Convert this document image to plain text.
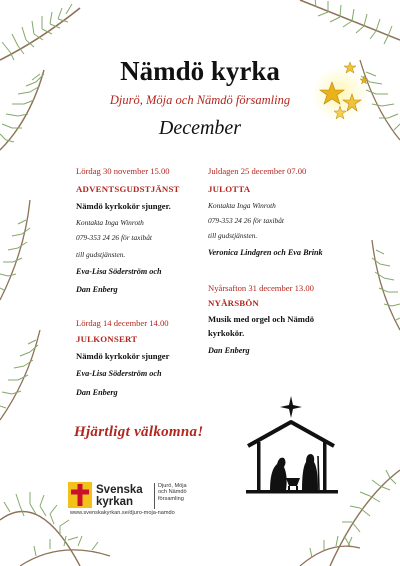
Nämdö kyrka
Djurö, Möja och Nämdö församling
December
Lördag 30 november 15.00
ADVENTSGUDSTJÄNST
Nämdö kyrkokör sjunger.
Kontakta Inga Winroth
079-353 24 26 för taxibåt
till gudstjänsten.
Eva-Lisa Söderström och
Dan Enberg
Lördag 14 december 14.00
JULKONSERT
Nämdö kyrkokör sjunger
Eva-Lisa Söderström och
Dan Enberg
Juldagen 25 december 07.00
JULOTTA
Kontakta Inga Winroth
079-353 24 26 för taxibåt
till gudstjänsten.
Veronica Lindgren och Eva Brink
Nyårsafton 31 december 13.00
NYÅRSBÖN
Musik med orgel och Nämdö
kyrkokör.
Dan Enberg
Hjärtligt välkomna!
Svenska
kyrkan
Djurö, Möja
och Nämdö
församling
www.svenskakyrkan.se/djuro-moja-namdo
